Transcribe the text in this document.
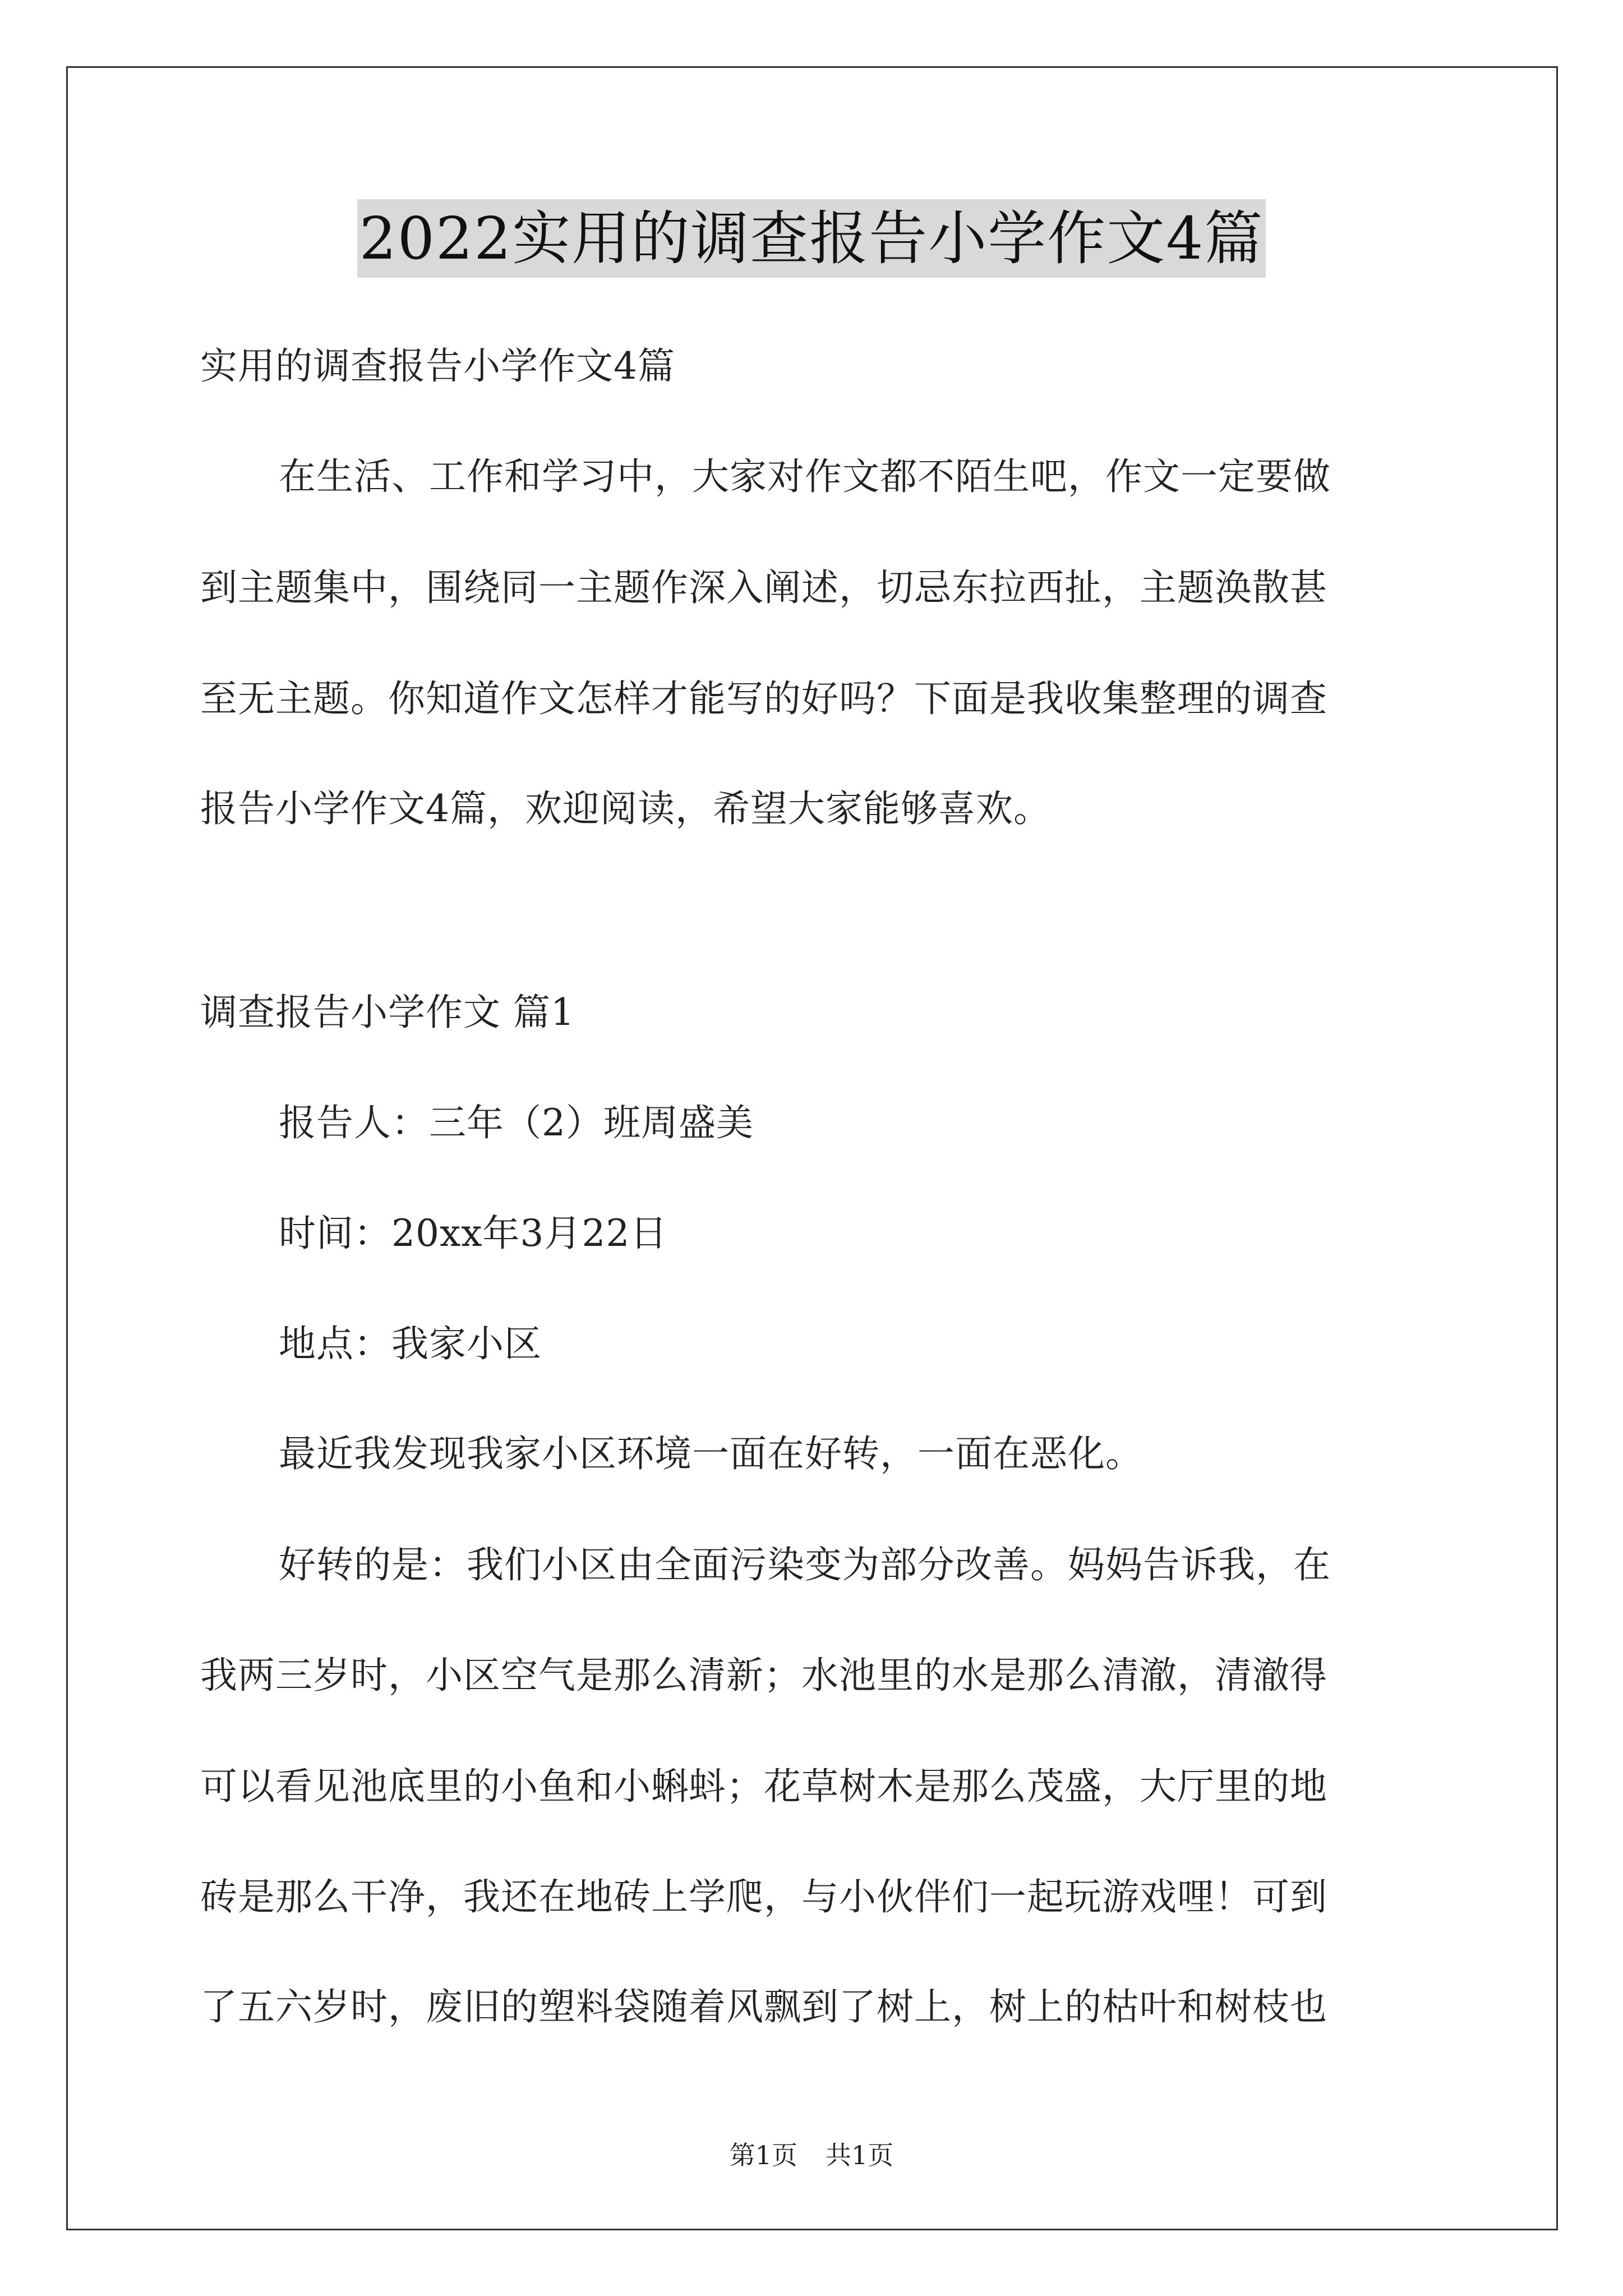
2022实用的调查报告小学作文4篇
实用的调查报告小学作文4篇
在生活、工作和学习中，大家对作文都不陌生吧，作文一定要做
到主题集中，围绕同一主题作深入阐述，切忌东拉西扯，主题涣散甚
至无主题。你知道作文怎样才能写的好吗？下面是我收集整理的调查
报告小学作文4篇，欢迎阅读，希望大家能够喜欢。
调查报告小学作文 篇1
报告人：三年（2）班周盛美
时间：20xx年3月22日
地点：我家小区
最近我发现我家小区环境一面在好转，一面在恶化。
好转的是：我们小区由全面污染变为部分改善。妈妈告诉我，在
我两三岁时，小区空气是那么清新；水池里的水是那么清澈，清澈得
可以看见池底里的小鱼和小蝌蚪；花草树木是那么茂盛，大厅里的地
砖是那么干净，我还在地砖上学爬，与小伙伴们一起玩游戏哩！可到
了五六岁时，废旧的塑料袋随着风飘到了树上，树上的枯叶和树枝也
第1页 共1页
